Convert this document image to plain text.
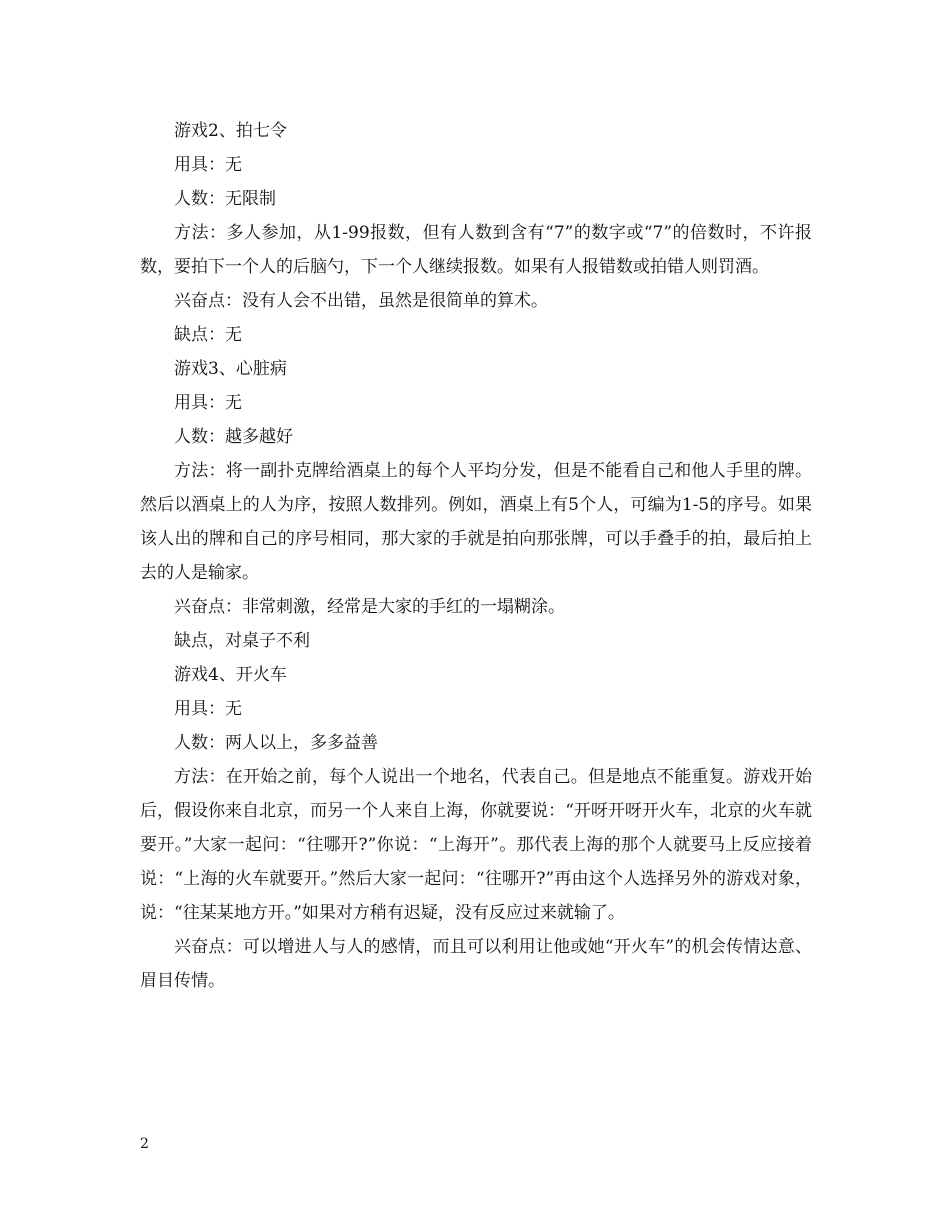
游戏2、拍七令

用具：无

人数：无限制

方法：多人参加，从1-99报数，但有人数到含有“7”的数字或“7”的倍数时，不许报数，要拍下一个人的后脑勺，下一个人继续报数。如果有人报错数或拍错人则罚酒。

兴奋点：没有人会不出错，虽然是很简单的算术。

缺点：无

游戏3、心脏病

用具：无

人数：越多越好

方法：将一副扑克牌给酒桌上的每个人平均分发，但是不能看自己和他人手里的牌。然后以酒桌上的人为序，按照人数排列。例如，酒桌上有5个人，可编为1-5的序号。如果该人出的牌和自己的序号相同，那大家的手就是拍向那张牌，可以手叠手的拍，最后拍上去的人是输家。

兴奋点：非常刺激，经常是大家的手红的一塌糊涂。

缺点，对桌子不利

游戏4、开火车

用具：无

人数：两人以上，多多益善

方法：在开始之前，每个人说出一个地名，代表自己。但是地点不能重复。游戏开始后，假设你来自北京，而另一个人来自上海，你就要说：“开呀开呀开火车，北京的火车就要开。”大家一起问：“往哪开?”你说：“上海开”。那代表上海的那个人就要马上反应接着说：“上海的火车就要开。”然后大家一起问：“往哪开?”再由这个人选择另外的游戏对象，说：“往某某地方开。”如果对方稍有迟疑，没有反应过来就输了。

兴奋点：可以增进人与人的感情，而且可以利用让他或她“开火车”的机会传情达意、眉目传情。

2
